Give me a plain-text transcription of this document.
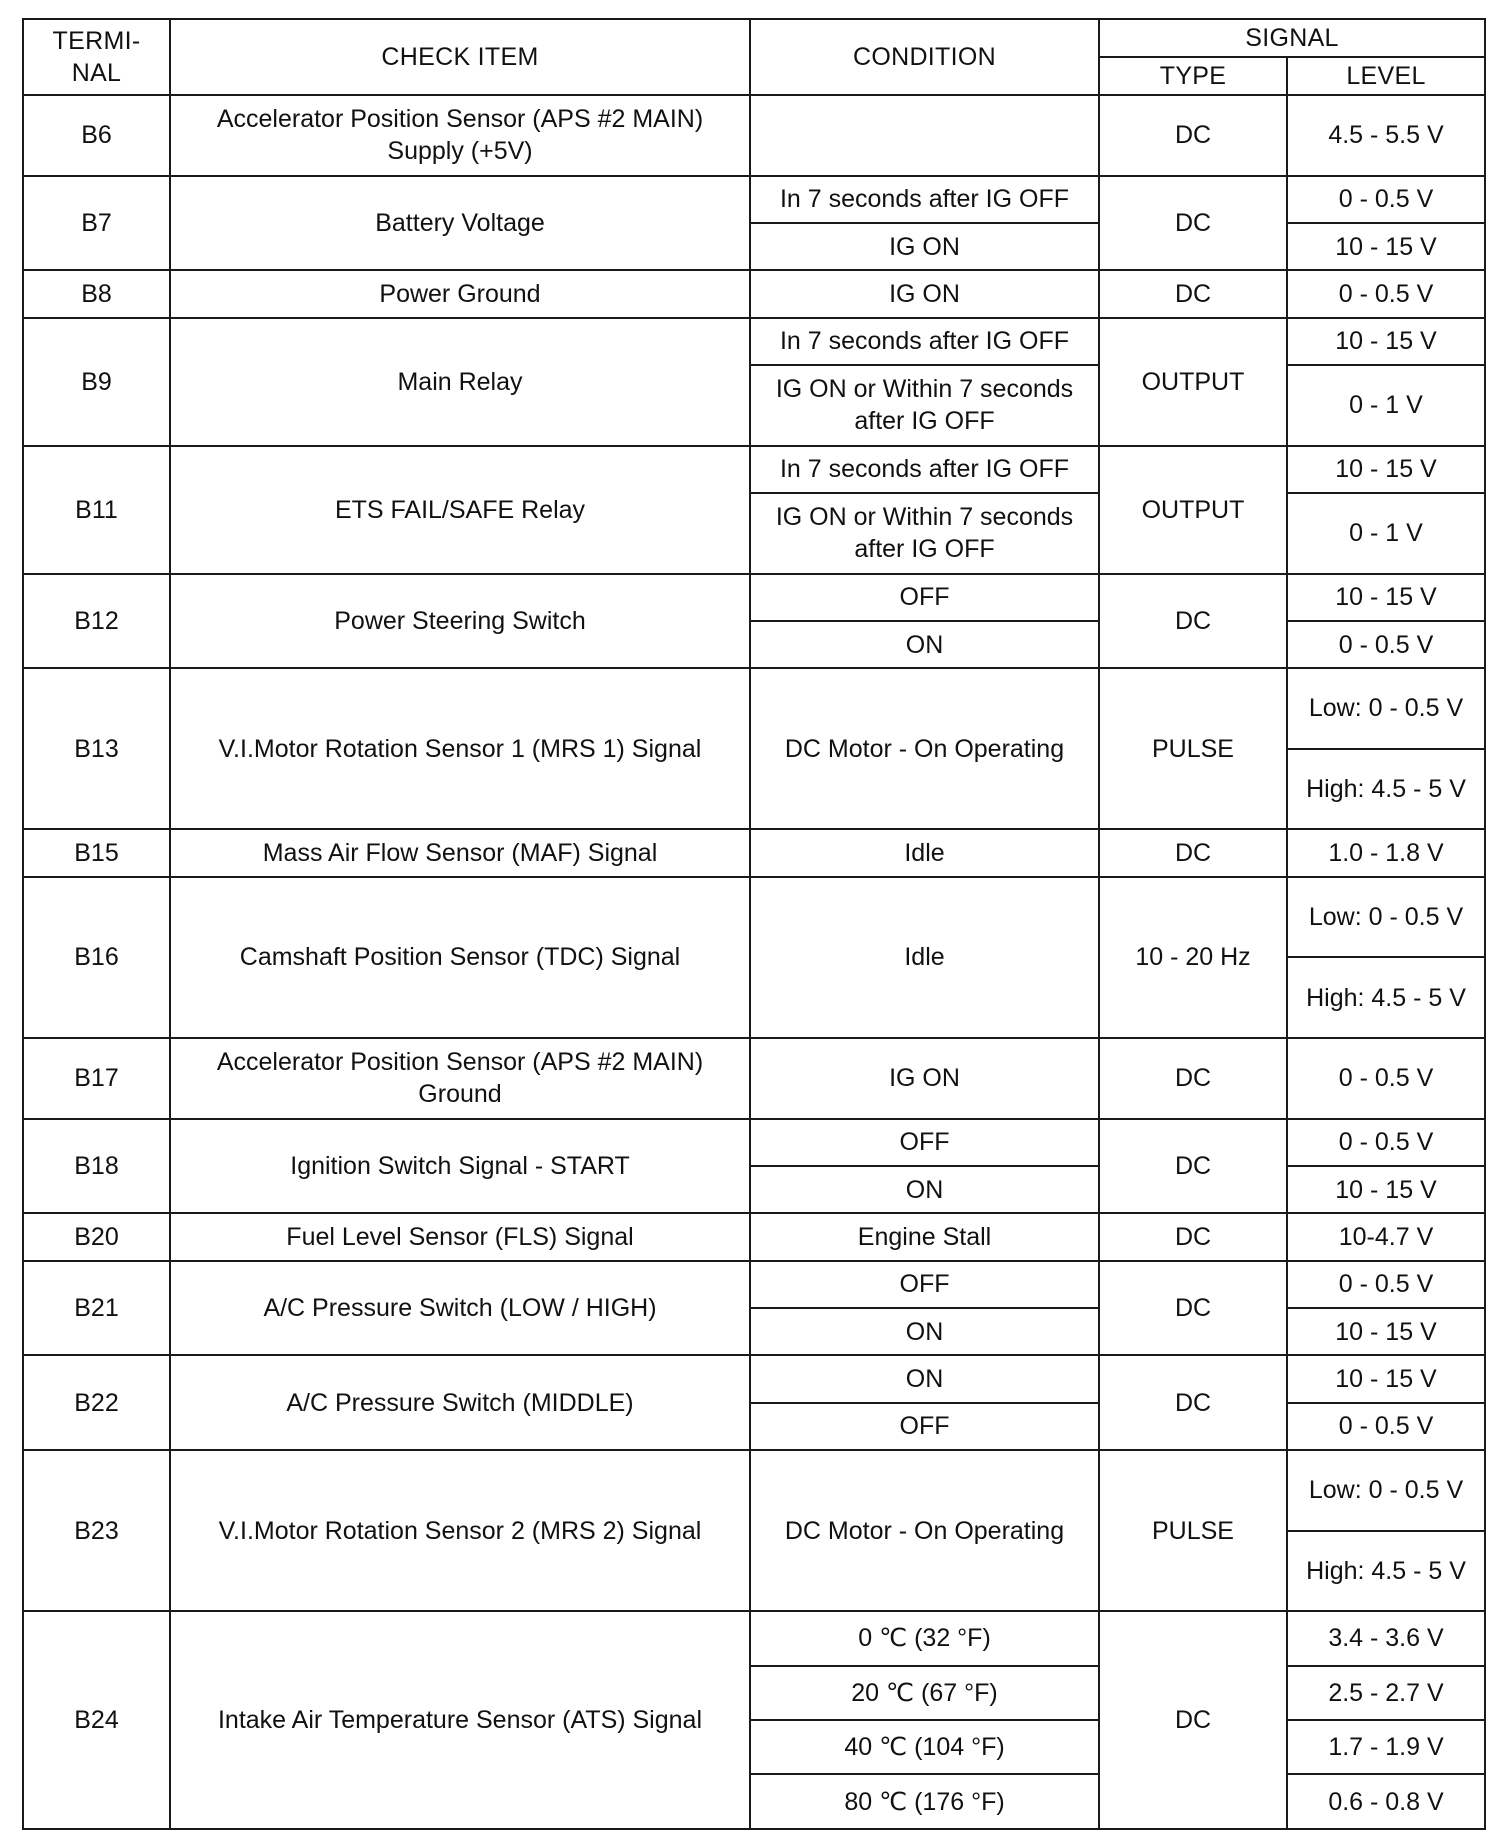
TERMI- NAL	CHECK ITEM	CONDITION	SIGNAL	
			TYPE	LEVEL
B6	Accelerator Position Sensor (APS #2 MAIN) Supply (+5V)		DC	4.5 - 5.5 V
B7	Battery Voltage	In 7 seconds after IG OFF	DC	0 - 0.5 V
		IG ON		10 - 15 V
B8	Power Ground	IG ON	DC	0 - 0.5 V
B9	Main Relay	In 7 seconds after IG OFF	OUTPUT	10 - 15 V
		IG ON or Within 7 seconds after IG OFF		0 - 1 V
B11	ETS FAIL/SAFE Relay	In 7 seconds after IG OFF	OUTPUT	10 - 15 V
		IG ON or Within 7 seconds after IG OFF		0 - 1 V
B12	Power Steering Switch	OFF	DC	10 - 15 V
		ON		0 - 0.5 V
B13	V.I.Motor Rotation Sensor 1 (MRS 1) Signal	DC Motor - On Operating	PULSE	Low: 0 - 0.5 V
				High: 4.5 - 5 V
B15	Mass Air Flow Sensor (MAF) Signal	Idle	DC	1.0 - 1.8 V
B16	Camshaft Position Sensor (TDC) Signal	Idle	10 - 20 Hz	Low: 0 - 0.5 V
				High: 4.5 - 5 V
B17	Accelerator Position Sensor (APS #2 MAIN) Ground	IG ON	DC	0 - 0.5 V
B18	Ignition Switch Signal - START	OFF	DC	0 - 0.5 V
		ON		10 - 15 V
B20	Fuel Level Sensor (FLS) Signal	Engine Stall	DC	10-4.7 V
B21	A/C Pressure Switch (LOW / HIGH)	OFF	DC	0 - 0.5 V
		ON		10 - 15 V
B22	A/C Pressure Switch (MIDDLE)	ON	DC	10 - 15 V
		OFF		0 - 0.5 V
B23	V.I.Motor Rotation Sensor 2 (MRS 2) Signal	DC Motor - On Operating	PULSE	Low: 0 - 0.5 V
				High: 4.5 - 5 V
B24	Intake Air Temperature Sensor (ATS) Signal	0 ℃ (32 °F)	DC	3.4 - 3.6 V
		20 ℃ (67 °F)		2.5 - 2.7 V
		40 ℃ (104 °F)		1.7 - 1.9 V
		80 ℃ (176 °F)		0.6 - 0.8 V
